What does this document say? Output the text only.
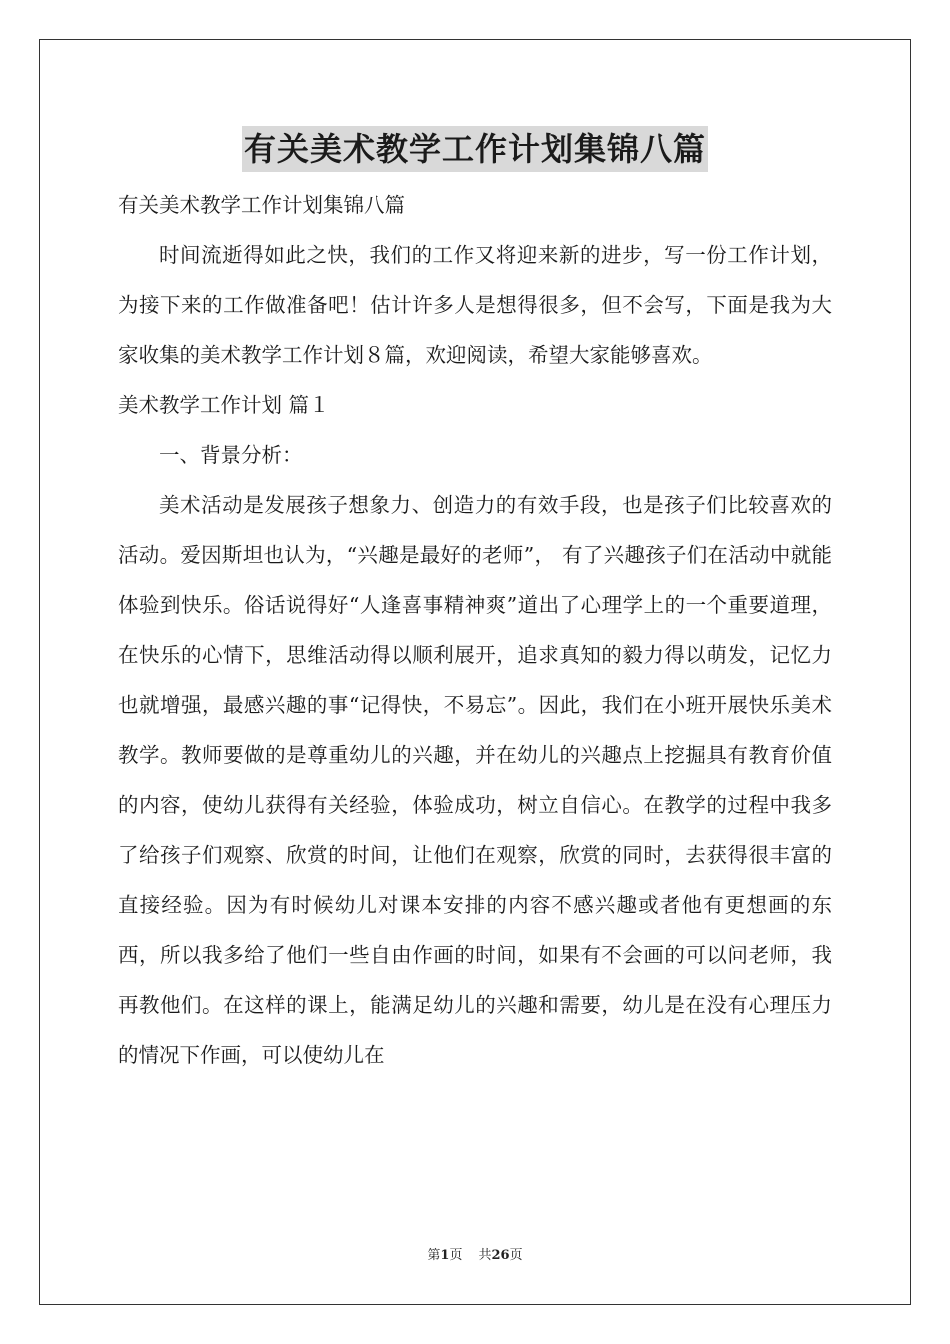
有关美术教学工作计划集锦八篇
有关美术教学工作计划集锦八篇
时间流逝得如此之快，我们的工作又将迎来新的进步，写一份工作计划，为接下来的工作做准备吧！估计许多人是想得很多，但不会写，下面是我为大家收集的美术教学工作计划８篇，欢迎阅读，希望大家能够喜欢。
美术教学工作计划 篇１
一、背景分析：
美术活动是发展孩子想象力、创造力的有效手段，也是孩子们比较喜欢的活动。爱因斯坦也认为，“兴趣是最好的老师”， 有了兴趣孩子们在活动中就能体验到快乐。俗话说得好“人逢喜事精神爽”道出了心理学上的一个重要道理，在快乐的心情下，思维活动得以顺利展开，追求真知的毅力得以萌发，记忆力也就增强，最感兴趣的事“记得快，不易忘”。因此，我们在小班开展快乐美术教学。教师要做的是尊重幼儿的兴趣，并在幼儿的兴趣点上挖掘具有教育价值的内容，使幼儿获得有关经验，体验成功，树立自信心。在教学的过程中我多了给孩子们观察、欣赏的时间，让他们在观察，欣赏的同时，去获得很丰富的直接经验。因为有时候幼儿对课本安排的内容不感兴趣或者他有更想画的东西，所以我多给了他们一些自由作画的时间，如果有不会画的可以问老师，我再教他们。在这样的课上，能满足幼儿的兴趣和需要，幼儿是在没有心理压力的情况下作画，可以使幼儿在
第1页 共26页
